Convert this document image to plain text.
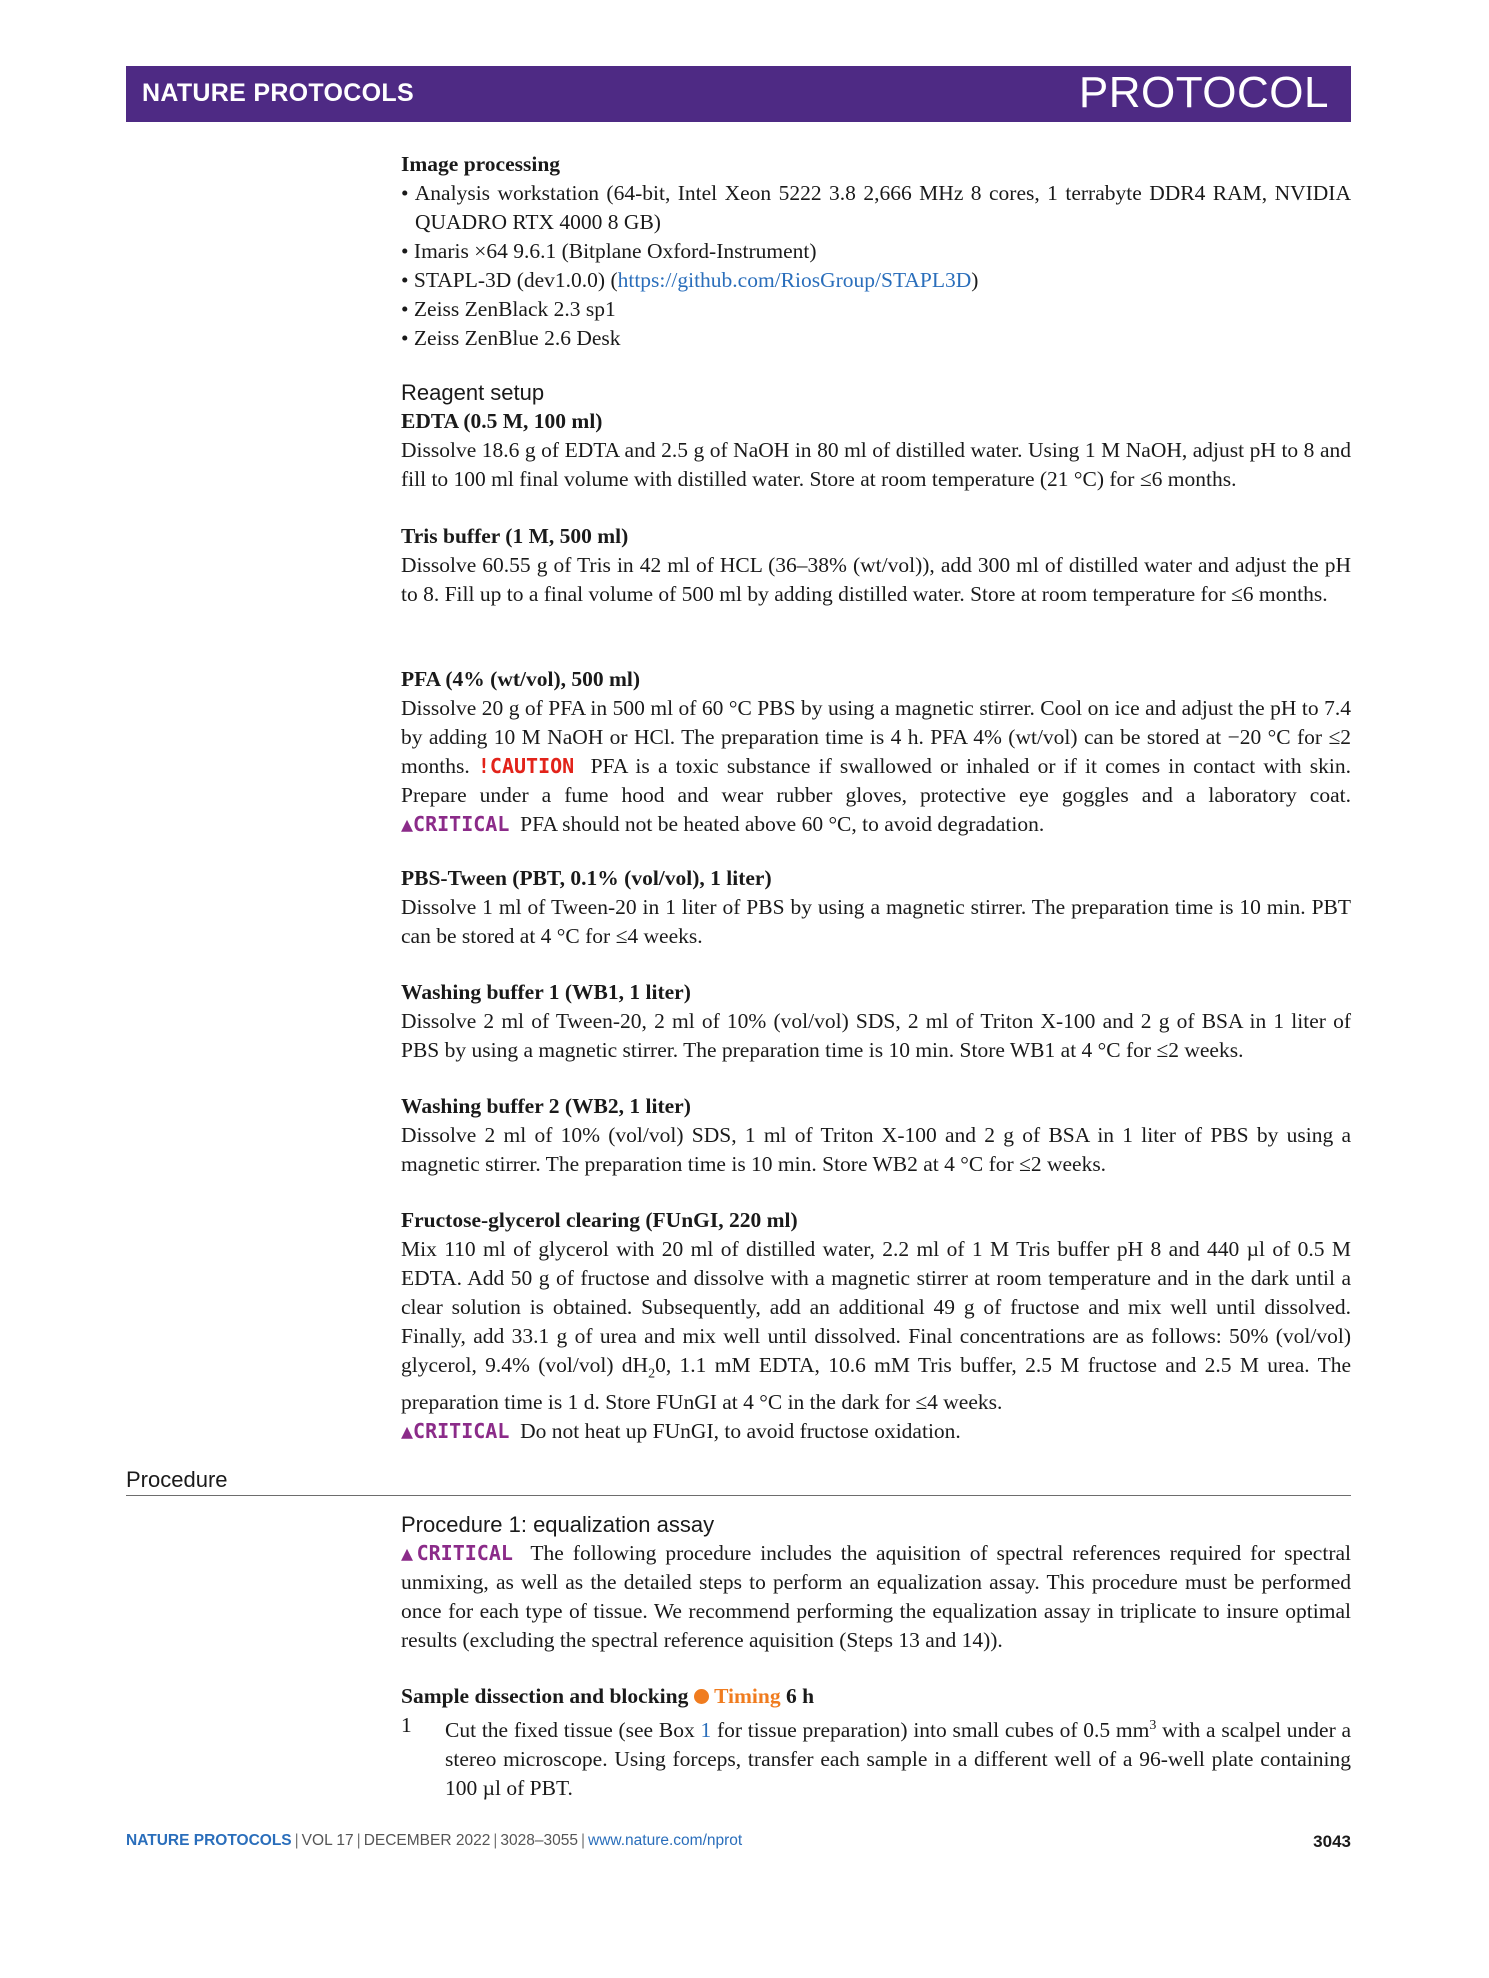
NATURE PROTOCOLS	PROTOCOL

Image processing

• Analysis workstation (64-bit, Intel Xeon 5222 3.8 2,666 MHz 8 cores, 1 terrabyte DDR4 RAM, NVIDIA QUADRO RTX 4000 8 GB)

• Imaris ×64 9.6.1 (Bitplane Oxford-Instrument)

• STAPL-3D (dev1.0.0) (https://github.com/RiosGroup/STAPL3D)

• Zeiss ZenBlack 2.3 sp1

• Zeiss ZenBlue 2.6 Desk

Reagent setup

EDTA (0.5 M, 100 ml)

Dissolve 18.6 g of EDTA and 2.5 g of NaOH in 80 ml of distilled water. Using 1 M NaOH, adjust pH to 8 and fill to 100 ml final volume with distilled water. Store at room temperature (21 °C) for ≤6 months.

Tris buffer (1 M, 500 ml)

Dissolve 60.55 g of Tris in 42 ml of HCL (36–38% (wt/vol)), add 300 ml of distilled water and adjust the pH to 8. Fill up to a final volume of 500 ml by adding distilled water. Store at room temperature for ≤6 months.

PFA (4% (wt/vol), 500 ml)

Dissolve 20 g of PFA in 500 ml of 60 °C PBS by using a magnetic stirrer. Cool on ice and adjust the pH to 7.4 by adding 10 M NaOH or HCl. The preparation time is 4 h. PFA 4% (wt/vol) can be stored at −20 °C for ≤2 months. !CAUTION PFA is a toxic substance if swallowed or inhaled or if it comes in contact with skin. Prepare under a fume hood and wear rubber gloves, protective eye goggles and a laboratory coat. ▲CRITICAL PFA should not be heated above 60 °C, to avoid degradation.

PBS-Tween (PBT, 0.1% (vol/vol), 1 liter)

Dissolve 1 ml of Tween-20 in 1 liter of PBS by using a magnetic stirrer. The preparation time is 10 min. PBT can be stored at 4 °C for ≤4 weeks.

Washing buffer 1 (WB1, 1 liter)

Dissolve 2 ml of Tween-20, 2 ml of 10% (vol/vol) SDS, 2 ml of Triton X-100 and 2 g of BSA in 1 liter of PBS by using a magnetic stirrer. The preparation time is 10 min. Store WB1 at 4 °C for ≤2 weeks.

Washing buffer 2 (WB2, 1 liter)

Dissolve 2 ml of 10% (vol/vol) SDS, 1 ml of Triton X-100 and 2 g of BSA in 1 liter of PBS by using a magnetic stirrer. The preparation time is 10 min. Store WB2 at 4 °C for ≤2 weeks.

Fructose-glycerol clearing (FUnGI, 220 ml)

Mix 110 ml of glycerol with 20 ml of distilled water, 2.2 ml of 1 M Tris buffer pH 8 and 440 µl of 0.5 M EDTA. Add 50 g of fructose and dissolve with a magnetic stirrer at room temperature and in the dark until a clear solution is obtained. Subsequently, add an additional 49 g of fructose and mix well until dissolved. Finally, add 33.1 g of urea and mix well until dissolved. Final concentrations are as follows: 50% (vol/vol) glycerol, 9.4% (vol/vol) $dH_20$, 1.1 mM EDTA, 10.6 mM Tris buffer, 2.5 M fructose and 2.5 M urea. The preparation time is 1 d. Store FUnGI at 4 °C in the dark for ≤4 weeks.

▲CRITICAL Do not heat up FUnGI, to avoid fructose oxidation.

Procedure

Procedure 1: equalization assay

▲CRITICAL The following procedure includes the aquisition of spectral references required for spectral unmixing, as well as the detailed steps to perform an equalization assay. This procedure must be performed once for each type of tissue. We recommend performing the equalization assay in triplicate to insure optimal results (excluding the spectral reference aquisition (Steps 13 and 14)).

Sample dissection and blocking Timing 6 h

1 Cut the fixed tissue (see Box 1 for tissue preparation) into small cubes of 0.5 $mm^3$ with a scalpel under a stereo microscope. Using forceps, transfer each sample in a different well of a 96-well plate containing 100 µl of PBT.
NATURE PROTOCOLS | VOL 17 | DECEMBER 2022 | 3028–3055 | www.nature.com/nprot	3043
